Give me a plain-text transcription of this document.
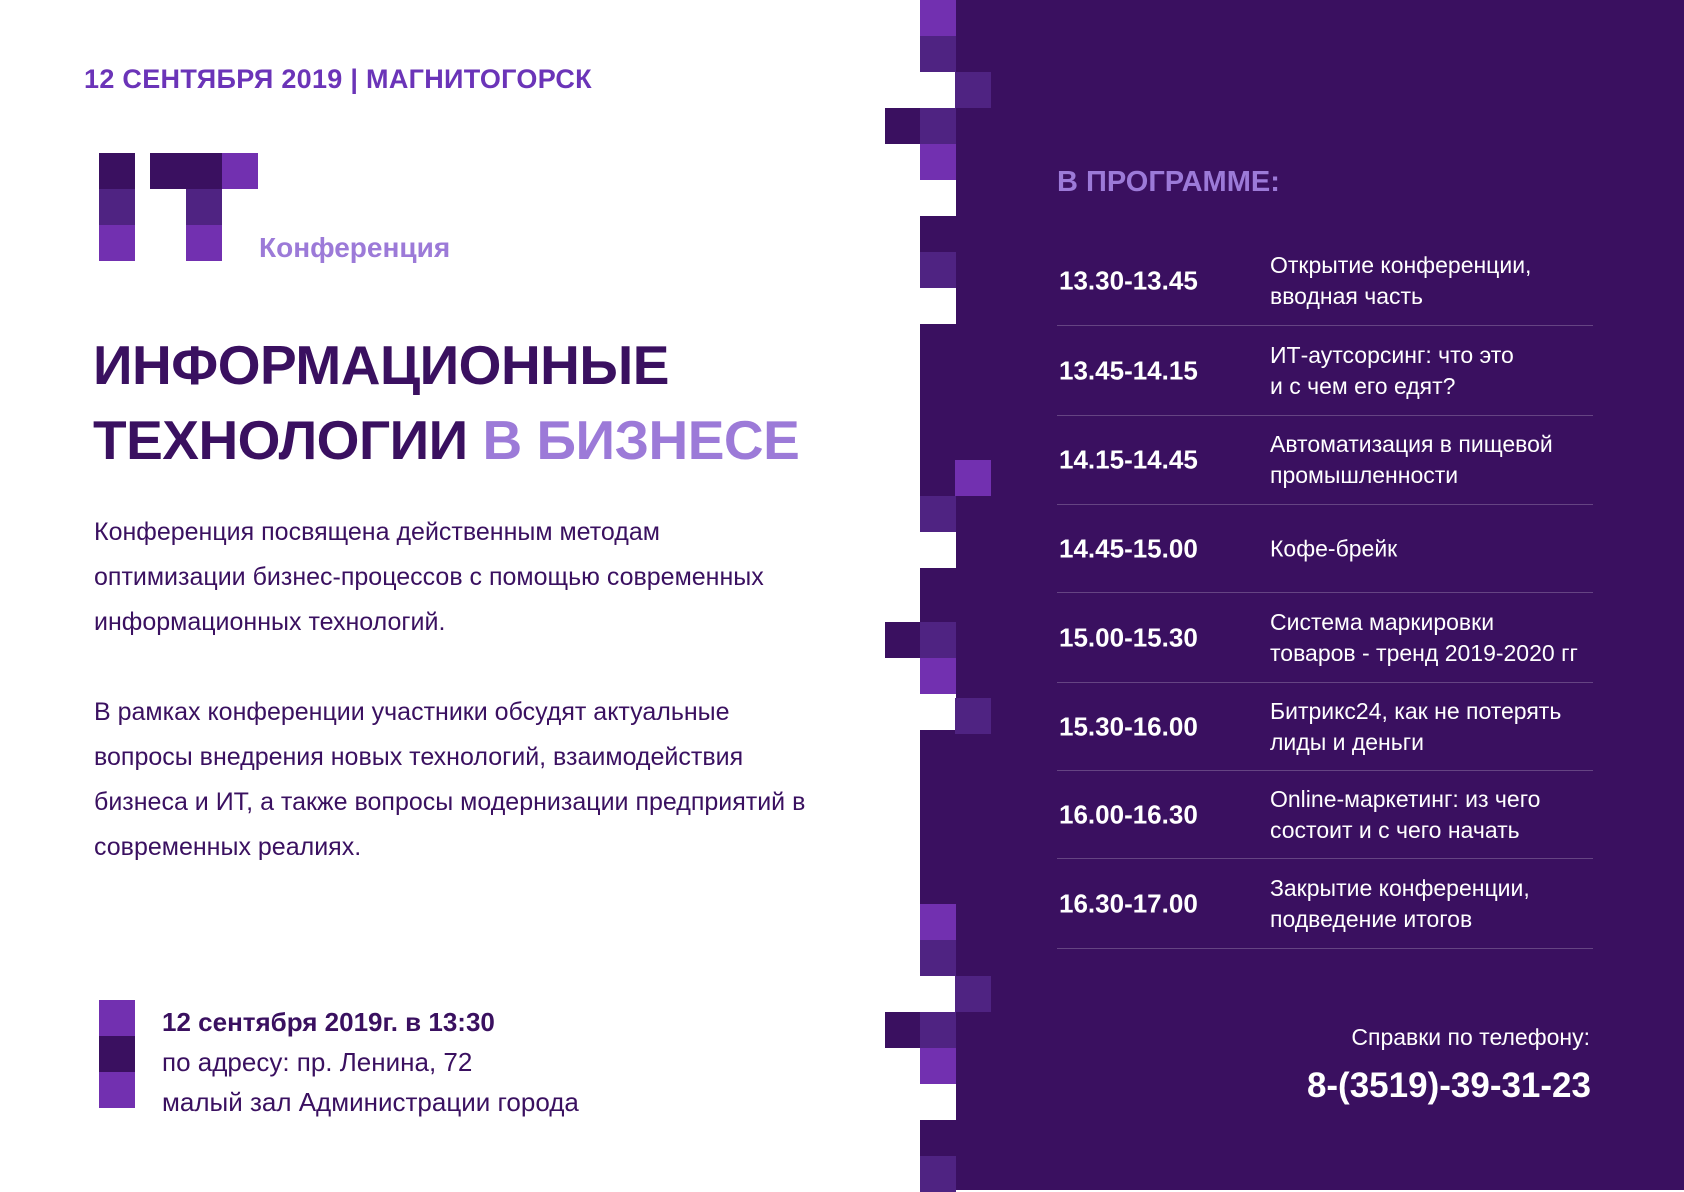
12 СЕНТЯБРЯ 2019 | МАГНИТОГОРСК
Конференция
ИНФОРМАЦИОННЫЕ
ТЕХНОЛОГИИ В БИЗНЕСЕ

Конференция посвящена действенным методам оптимизации бизнес-процессов с помощью современных информационных технологий.

В рамках конференции участники обсудят актуальные вопросы внедрения новых технологий, взаимодействия бизнеса и ИТ, а также вопросы модернизации предприятий в современных реалиях.

12 сентября 2019г. в 13:30
по адресу: пр. Ленина, 72
малый зал Администрации города
В ПРОГРАММЕ:
13.30-13.45
Открытие конференции,
вводная часть
13.45-14.15
ИТ-аутсорсинг: что это
и с чем его едят?
14.15-14.45
Автоматизация в пищевой
промышленности
14.45-15.00	Кофе-брейк
15.00-15.30
Система маркировки
товаров - тренд 2019-2020 гг
15.30-16.00
Битрикс24, как не потерять
лиды и деньги
16.00-16.30
Online-маркетинг: из чего
состоит и с чего начать
16.30-17.00
Закрытие конференции,
подведение итогов
Справки по телефону:
8-(3519)-39-31-23
